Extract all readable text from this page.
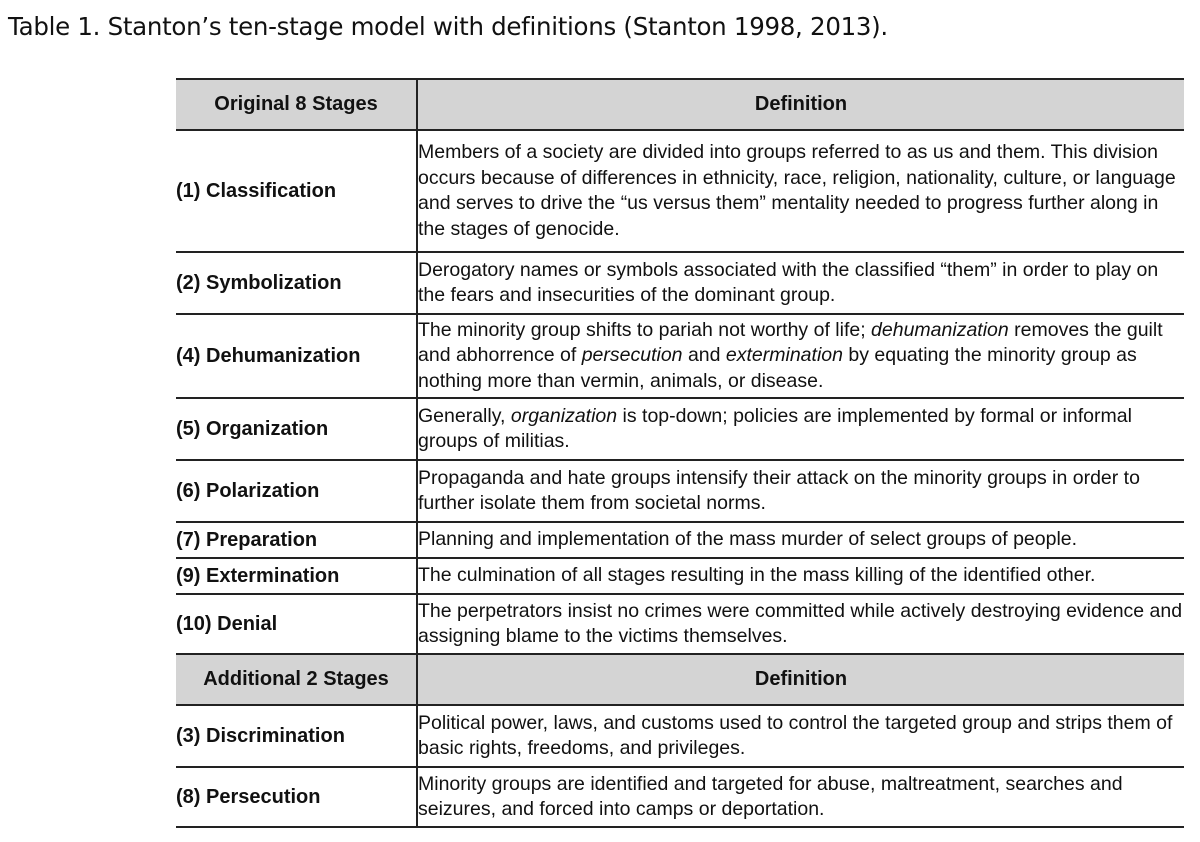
Table 1. Stanton’s ten-stage model with definitions (Stanton 1998, 2013).
Original 8 Stages	Definition
(1) Classification	Members of a society are divided into groups referred to as us and them. This division occurs because of differences in ethnicity, race, religion, nationality, culture, or language and serves to drive the “us versus them” mentality needed to progress further along in the stages of genocide.
(2) Symbolization	Derogatory names or symbols associated with the classified “them” in order to play on the fears and insecurities of the dominant group.
(4) Dehumanization	The minority group shifts to pariah not worthy of life; dehumanization removes the guilt and abhorrence of persecution and extermination by equating the minority group as nothing more than vermin, animals, or disease.
(5) Organization	Generally, organization is top-down; policies are implemented by formal or informal groups of militias.
(6) Polarization	Propaganda and hate groups intensify their attack on the minority groups in order to further isolate them from societal norms.
(7) Preparation	Planning and implementation of the mass murder of select groups of people.
(9) Extermination	The culmination of all stages resulting in the mass killing of the identified other.
(10) Denial	The perpetrators insist no crimes were committed while actively destroying evidence and assigning blame to the victims themselves.
Additional 2 Stages	Definition
(3) Discrimination	Political power, laws, and customs used to control the targeted group and strips them of basic rights, freedoms, and privileges.
(8) Persecution	Minority groups are identified and targeted for abuse, maltreatment, searches and seizures, and forced into camps or deportation.
